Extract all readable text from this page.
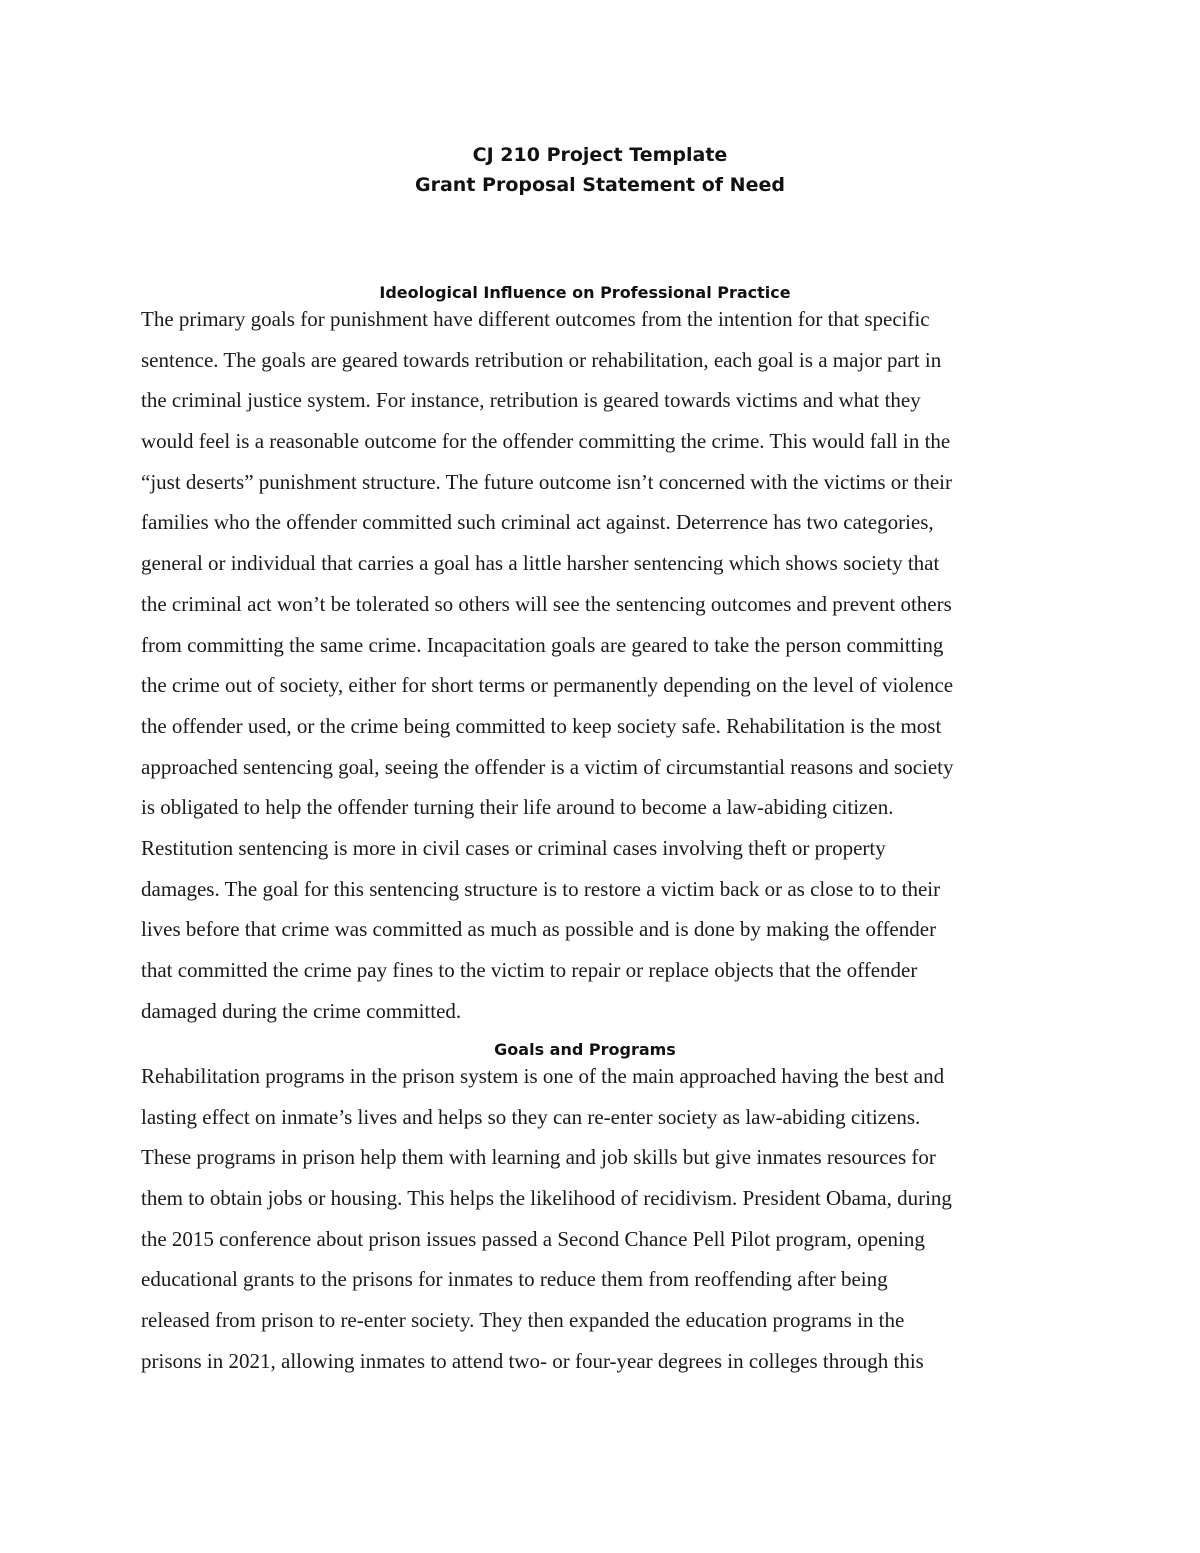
CJ 210 Project Template
Grant Proposal Statement of Need
Ideological Influence on Professional Practice
The primary goals for punishment have different outcomes from the intention for that specific
sentence. The goals are geared towards retribution or rehabilitation, each goal is a major part in
the criminal justice system. For instance, retribution is geared towards victims and what they
would feel is a reasonable outcome for the offender committing the crime. This would fall in the
“just deserts” punishment structure. The future outcome isn’t concerned with the victims or their
families who the offender committed such criminal act against. Deterrence has two categories,
general or individual that carries a goal has a little harsher sentencing which shows society that
the criminal act won’t be tolerated so others will see the sentencing outcomes and prevent others
from committing the same crime. Incapacitation goals are geared to take the person committing
the crime out of society, either for short terms or permanently depending on the level of violence
the offender used, or the crime being committed to keep society safe. Rehabilitation is the most
approached sentencing goal, seeing the offender is a victim of circumstantial reasons and society
is obligated to help the offender turning their life around to become a law-abiding citizen.
Restitution sentencing is more in civil cases or criminal cases involving theft or property
damages. The goal for this sentencing structure is to restore a victim back or as close to to their
lives before that crime was committed as much as possible and is done by making the offender
that committed the crime pay fines to the victim to repair or replace objects that the offender
damaged during the crime committed.
Goals and Programs
Rehabilitation programs in the prison system is one of the main approached having the best and
lasting effect on inmate’s lives and helps so they can re-enter society as law-abiding citizens.
These programs in prison help them with learning and job skills but give inmates resources for
them to obtain jobs or housing. This helps the likelihood of recidivism. President Obama, during
the 2015 conference about prison issues passed a Second Chance Pell Pilot program, opening
educational grants to the prisons for inmates to reduce them from reoffending after being
released from prison to re-enter society. They then expanded the education programs in the
prisons in 2021, allowing inmates to attend two- or four-year degrees in colleges through this
